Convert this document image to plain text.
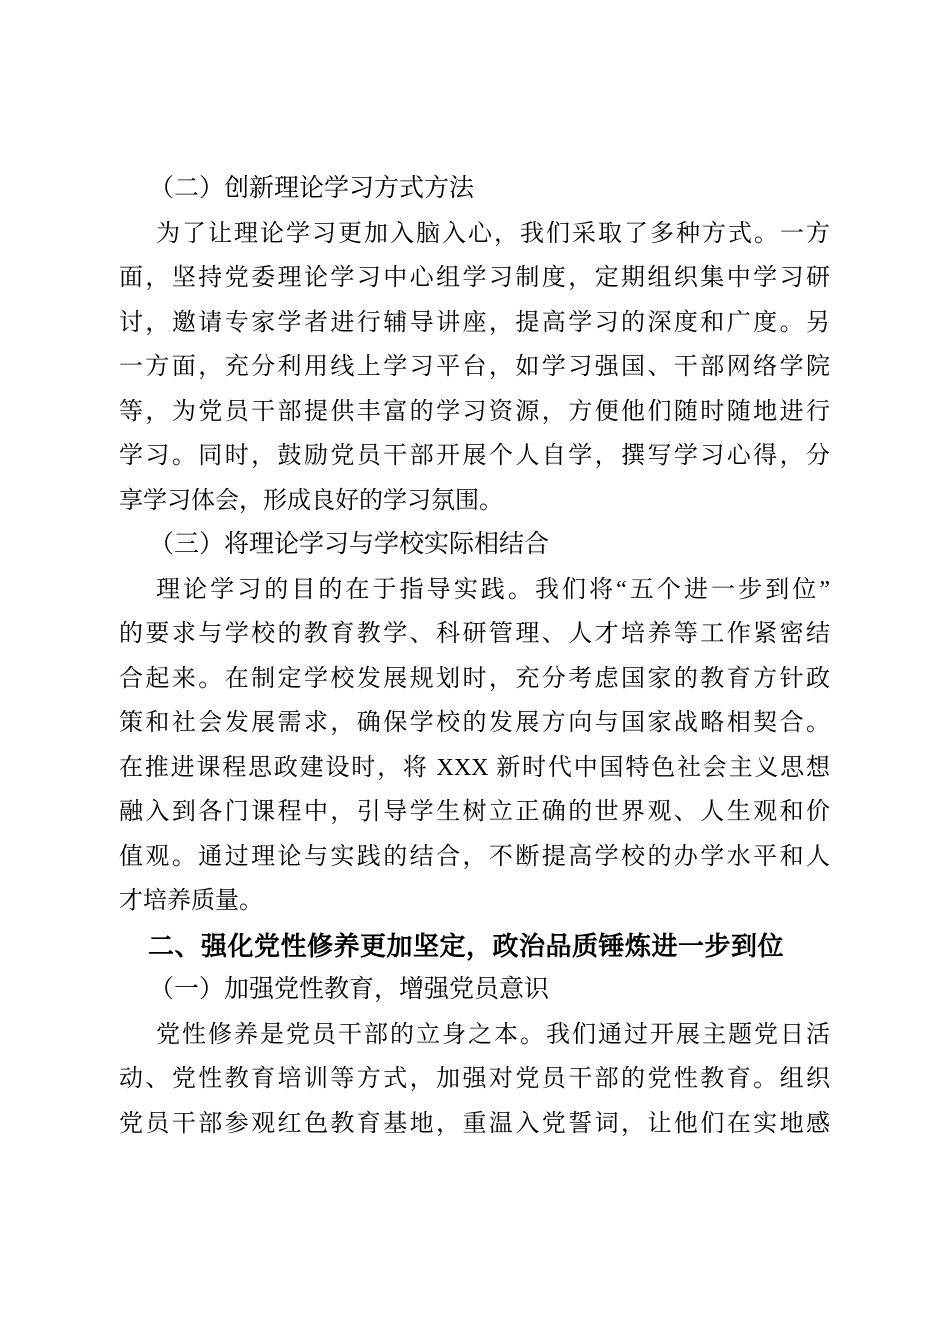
（二）创新理论学习方式方法
为了让理论学习更加入脑入心，我们采取了多种方式。一方
面，坚持党委理论学习中心组学习制度，定期组织集中学习研
讨，邀请专家学者进行辅导讲座，提高学习的深度和广度。另
一方面，充分利用线上学习平台，如学习强国、干部网络学院
等，为党员干部提供丰富的学习资源，方便他们随时随地进行
学习。同时，鼓励党员干部开展个人自学，撰写学习心得，分
享学习体会，形成良好的学习氛围。
（三）将理论学习与学校实际相结合
理论学习的目的在于指导实践。我们将“五个进一步到位”
的要求与学校的教育教学、科研管理、人才培养等工作紧密结
合起来。在制定学校发展规划时，充分考虑国家的教育方针政
策和社会发展需求，确保学校的发展方向与国家战略相契合。
在推进课程思政建设时，将 XXX 新时代中国特色社会主义思想
融入到各门课程中，引导学生树立正确的世界观、人生观和价
值观。通过理论与实践的结合，不断提高学校的办学水平和人
才培养质量。
二、强化党性修养更加坚定，政治品质锤炼进一步到位
（一）加强党性教育，增强党员意识
党性修养是党员干部的立身之本。我们通过开展主题党日活
动、党性教育培训等方式，加强对党员干部的党性教育。组织
党员干部参观红色教育基地，重温入党誓词，让他们在实地感
